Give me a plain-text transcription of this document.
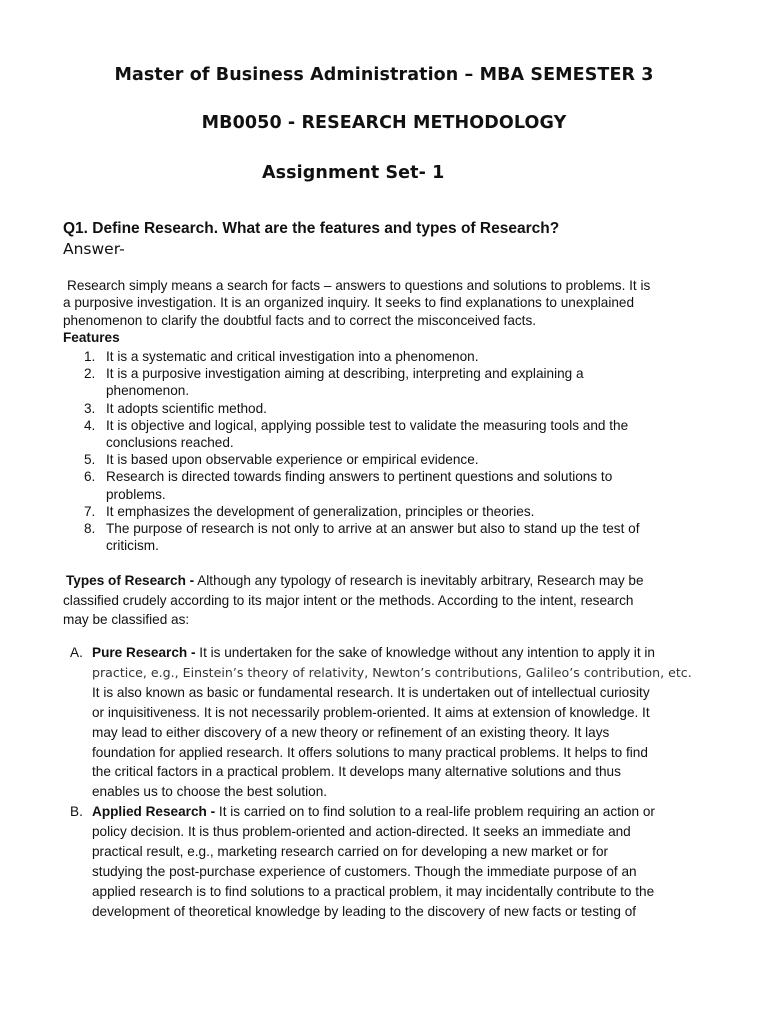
Master of Business Administration – MBA SEMESTER 3
MB0050 - RESEARCH METHODOLOGY
Assignment Set- 1
Q1. Define Research. What are the features and types of Research?
Answer-

Research simply means a search for facts – answers to questions and solutions to problems. It is

a purposive investigation. It is an organized inquiry. It seeks to find explanations to unexplained

phenomenon to clarify the doubtful facts and to correct the misconceived facts.

Features
1. It is a systematic and critical investigation into a phenomenon.
2. It is a purposive investigation aiming at describing, interpreting and explaining a
phenomenon.
3. It adopts scientific method.
4. It is objective and logical, applying possible test to validate the measuring tools and the
conclusions reached.
5. It is based upon observable experience or empirical evidence.
6. Research is directed towards finding answers to pertinent questions and solutions to
problems.
7. It emphasizes the development of generalization, principles or theories.
8. The purpose of research is not only to arrive at an answer but also to stand up the test of
criticism.
Types of Research - Although any typology of research is inevitably arbitrary, Research may be
classified crudely according to its major intent or the methods. According to the intent, research
may be classified as:
A. Pure Research - It is undertaken for the sake of knowledge without any intention to apply it in
practice, e.g., Einstein’s theory of relativity, Newton’s contributions, Galileo’s contribution, etc.
It is also known as basic or fundamental research. It is undertaken out of intellectual curiosity
or inquisitiveness. It is not necessarily problem-oriented. It aims at extension of knowledge. It
may lead to either discovery of a new theory or refinement of an existing theory. It lays
foundation for applied research. It offers solutions to many practical problems. It helps to find
the critical factors in a practical problem. It develops many alternative solutions and thus
enables us to choose the best solution.
B. Applied Research - It is carried on to find solution to a real-life problem requiring an action or
policy decision. It is thus problem-oriented and action-directed. It seeks an immediate and
practical result, e.g., marketing research carried on for developing a new market or for
studying the post-purchase experience of customers. Though the immediate purpose of an
applied research is to find solutions to a practical problem, it may incidentally contribute to the
development of theoretical knowledge by leading to the discovery of new facts or testing of
